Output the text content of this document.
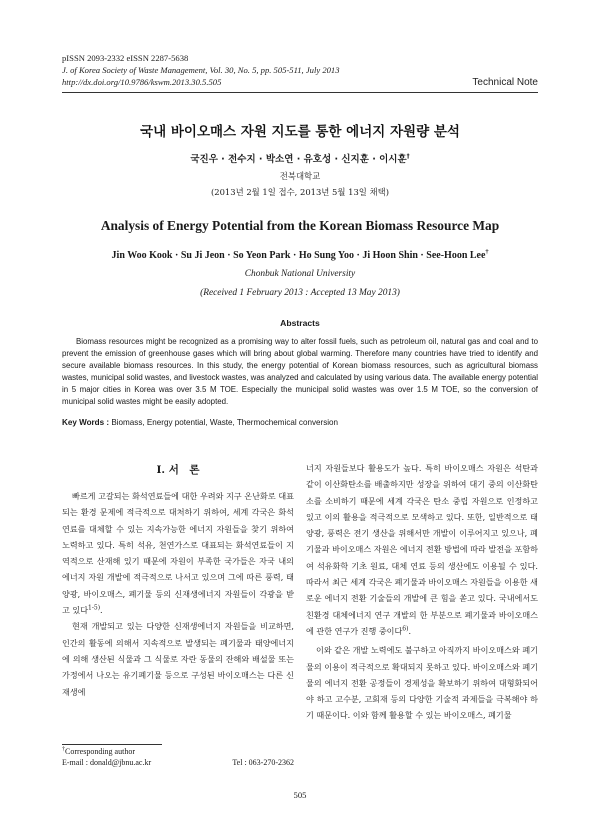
pISSN 2093-2332 eISSN 2287-5638
J. of Korea Society of Waste Management, Vol. 30, No. 5, pp. 505-511, July 2013
http://dx.doi.org/10.9786/kswm.2013.30.5.505	Technical Note
국내 바이오매스 자원 지도를 통한 에너지 자원량 분석
국진우 · 전수지 · 박소연 · 유호성 · 신지훈 · 이시훈†
전북대학교
(2013년 2월 1일 접수, 2013년 5월 13일 채택)
Analysis of Energy Potential from the Korean Biomass Resource Map
Jin Woo Kook · Su Ji Jeon · So Yeon Park · Ho Sung Yoo · Ji Hoon Shin · See-Hoon Lee†
Chonbuk National University
(Received 1 February 2013 : Accepted 13 May 2013)
Abstracts

Biomass resources might be recognized as a promising way to alter fossil fuels, such as petroleum oil, natural gas and coal and to prevent the emission of greenhouse gases which will bring about global warming. Therefore many countries have tried to identify and secure available biomass resources. In this study, the energy potential of Korean biomass resources, such as agricultural biomass wastes, municipal solid wastes, and livestock wastes, was analyzed and calculated by using various data. The available energy potential in 5 major cities in Korea was over 3.5 M TOE. Especially the municipal solid wastes was over 1.5 M TOE, so the conversion of municipal solid wastes might be easily adopted.

Key Words : Biomass, Energy potential, Waste, Thermochemical conversion
I. 서　론

빠르게 고갈되는 화석연료들에 대한 우려와 지구 온난화로 대표되는 환경 문제에 적극적으로 대처하기 위하여, 세계 각국은 화석연료를 대체할 수 있는 지속가능한 에너지 자원들을 찾기 위하여 노력하고 있다. 특히 석유, 천연가스로 대표되는 화석연료들이 지역적으로 산재해 있기 때문에 자원이 부족한 국가들은 자국 내의 에너지 자원 개발에 적극적으로 나서고 있으며 그에 따른 풍력, 태양광, 바이오매스, 폐기물 등의 신재생에너지 자원들이 각광을 받고 있다$^{1-5)}$.

현재 개발되고 있는 다양한 신재생에너지 자원들을 비교하면, 인간의 활동에 의해서 지속적으로 발생되는 폐기물과 태양에너지에 의해 생산된 식물과 그 식물로 자란 동물의 잔해와 배설물 또는 가정에서 나오는 유기폐기물 등으로 구성된 바이오매스는 다른 신재생에

너지 자원들보다 활용도가 높다. 특히 바이오매스 자원은 석탄과 같이 이산화탄소를 배출하지만 성장을 위하여 대기 중의 이산화탄소를 소비하기 때문에 세계 각국은 탄소 중립 자원으로 인정하고 있고 이의 활용을 적극적으로 모색하고 있다. 또한, 일반적으로 태양광, 풍력은 전기 생산을 위해서만 개발이 이루어지고 있으나, 폐기물과 바이오매스 자원은 에너지 전환 방법에 따라 발전을 포함하여 석유화학 기초 원료, 대체 연료 등의 생산에도 이용될 수 있다. 따라서 최근 세계 각국은 폐기물과 바이오매스 자원들을 이용한 새로운 에너지 전환 기술들의 개발에 큰 힘을 쏟고 있다. 국내에서도 친환경 대체에너지 연구 개발의 한 부분으로 폐기물과 바이오매스에 관한 연구가 진행 중이다$^{6)}$.

이와 같은 개발 노력에도 불구하고 아직까지 바이오매스와 폐기물의 이용이 적극적으로 확대되지 못하고 있다. 바이오매스와 폐기물의 에너지 전환 공정들이 경제성을 확보하기 위하여 대형화되어야 하고 고수분, 고회재 등의 다양한 기술적 과제들을 극복해야 하기 때문이다. 이와 함께 활용할 수 있는 바이오매스, 폐기물

†Corresponding author
E-mail : donald@jbnu.ac.kr	Tel : 063-270-2362
505
